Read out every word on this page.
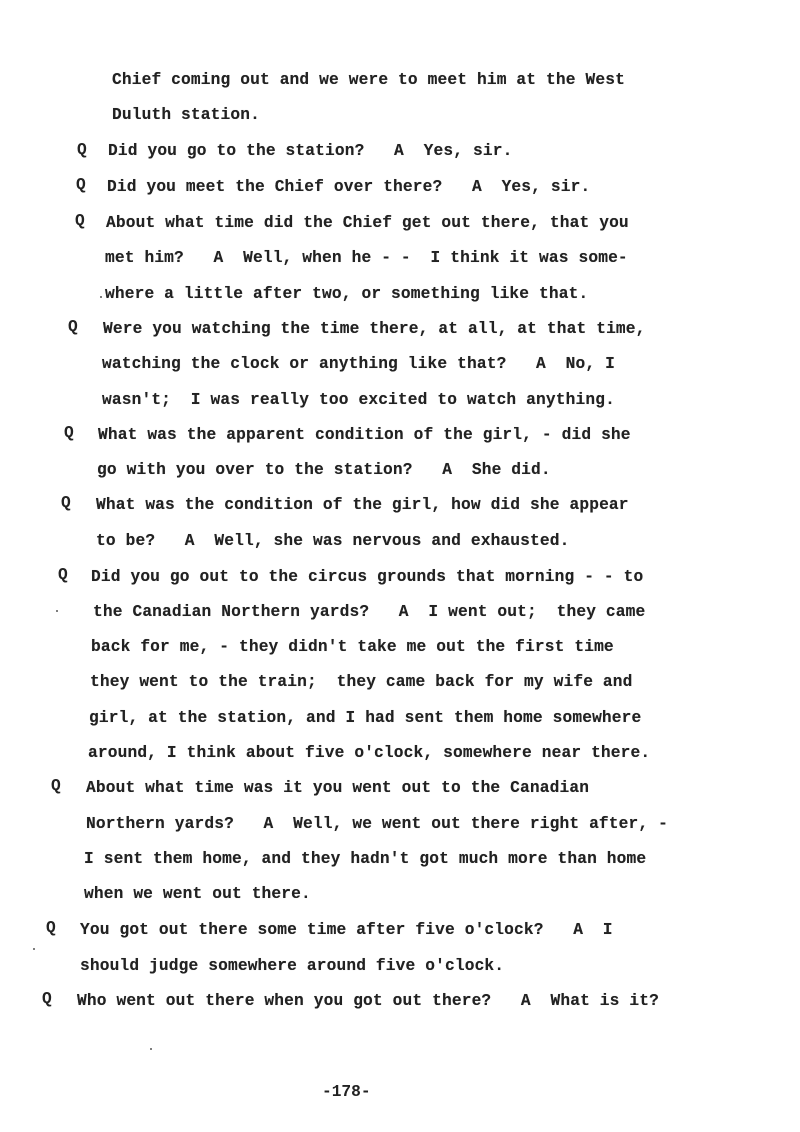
Chief coming out and we were to meet him at the West
Duluth station.
Q Did you go to the station?   A  Yes, sir.
Q Did you meet the Chief over there?   A  Yes, sir.
Q About what time did the Chief get out there, that you
met him?   A  Well, when he - -  I think it was some-
where a little after two, or something like that.
Q Were you watching the time there, at all, at that time,
watching the clock or anything like that?   A  No, I
wasn't;  I was really too excited to watch anything.
Q What was the apparent condition of the girl, - did she
go with you over to the station?   A  She did.
Q What was the condition of the girl, how did she appear
to be?   A  Well, she was nervous and exhausted.
Q Did you go out to the circus grounds that morning - - to
the Canadian Northern yards?   A  I went out;  they came
back for me, - they didn't take me out the first time
they went to the train;  they came back for my wife and
girl, at the station, and I had sent them home somewhere
around, I think about five o'clock, somewhere near there.
Q About what time was it you went out to the Canadian
Northern yards?   A  Well, we went out there right after, -
I sent them home, and they hadn't got much more than home
when we went out there.
Q You got out there some time after five o'clock?   A  I
should judge somewhere around five o'clock.
Q Who went out there when you got out there?   A  What is it?
-178-
